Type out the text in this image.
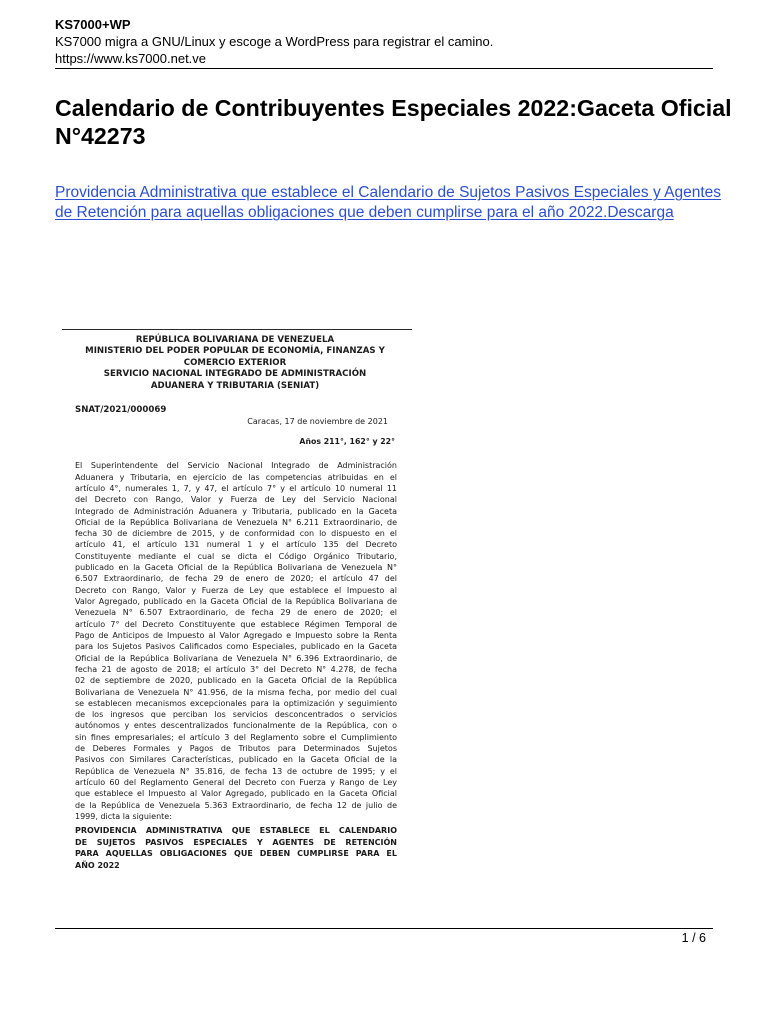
KS7000+WP
KS7000 migra a GNU/Linux y escoge a WordPress para registrar el camino.
https://www.ks7000.net.ve
Calendario de Contribuyentes Especiales 2022:Gaceta Oficial N°42273
Providencia Administrativa que establece el Calendario de Sujetos Pasivos Especiales y Agentes de Retención para aquellas obligaciones que deben cumplirse para el año 2022.Descarga
REPÚBLICA BOLIVARIANA DE VENEZUELA
MINISTERIO DEL PODER POPULAR DE ECONOMÍA, FINANZAS Y
COMERCIO EXTERIOR
SERVICIO NACIONAL INTEGRADO DE ADMINISTRACIÓN
ADUANERA Y TRIBUTARIA (SENIAT)
SNAT/2021/000069
Caracas, 17 de noviembre de 2021
Años 211°, 162° y 22°
El Superintendente del Servicio Nacional Integrado de Administración
Aduanera y Tributaria, en ejercicio de las competencias atribuidas en el
artículo 4°, numerales 1, 7, y 47, el artículo 7° y el artículo 10 numeral 11
del Decreto con Rango, Valor y Fuerza de Ley del Servicio Nacional
Integrado de Administración Aduanera y Tributaria, publicado en la Gaceta
Oficial de la República Bolivariana de Venezuela N° 6.211 Extraordinario, de
fecha 30 de diciembre de 2015, y de conformidad con lo dispuesto en el
artículo 41, el artículo 131 numeral 1 y el artículo 135 del Decreto
Constituyente mediante el cual se dicta el Código Orgánico Tributario,
publicado en la Gaceta Oficial de la República Bolivariana de Venezuela N°
6.507 Extraordinario, de fecha 29 de enero de 2020; el artículo 47 del
Decreto con Rango, Valor y Fuerza de Ley que establece el Impuesto al
Valor Agregado, publicado en la Gaceta Oficial de la República Bolivariana de
Venezuela N° 6.507 Extraordinario, de fecha 29 de enero de 2020; el
artículo 7° del Decreto Constituyente que establece Régimen Temporal de
Pago de Anticipos de Impuesto al Valor Agregado e Impuesto sobre la Renta
para los Sujetos Pasivos Calificados como Especiales, publicado en la Gaceta
Oficial de la República Bolivariana de Venezuela N° 6.396 Extraordinario, de
fecha 21 de agosto de 2018; el artículo 3° del Decreto N° 4.278, de fecha
02 de septiembre de 2020, publicado en la Gaceta Oficial de la República
Bolivariana de Venezuela N° 41.956, de la misma fecha, por medio del cual
se establecen mecanismos excepcionales para la optimización y seguimiento
de los ingresos que perciban los servicios desconcentrados o servicios
autónomos y entes descentralizados funcionalmente de la República, con o
sin fines empresariales; el artículo 3 del Reglamento sobre el Cumplimiento
de Deberes Formales y Pagos de Tributos para Determinados Sujetos
Pasivos con Similares Características, publicado en la Gaceta Oficial de la
República de Venezuela N° 35.816, de fecha 13 de octubre de 1995; y el
artículo 60 del Reglamento General del Decreto con Fuerza y Rango de Ley
que establece el Impuesto al Valor Agregado, publicado en la Gaceta Oficial
de la República de Venezuela 5.363 Extraordinario, de fecha 12 de julio de
1999, dicta la siguiente:
PROVIDENCIA ADMINISTRATIVA QUE ESTABLECE EL CALENDARIO
DE SUJETOS PASIVOS ESPECIALES Y AGENTES DE RETENCIÓN
PARA AQUELLAS OBLIGACIONES QUE DEBEN CUMPLIRSE PARA EL
AÑO 2022
1 / 6
